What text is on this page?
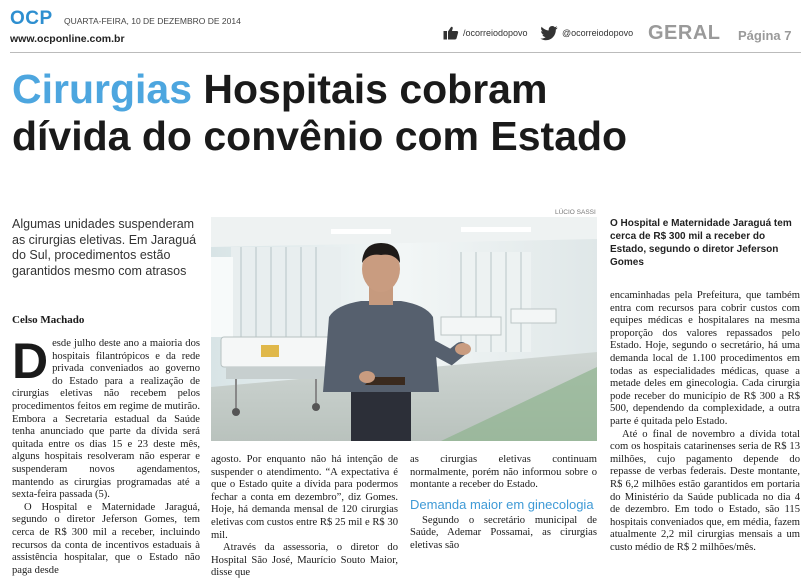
OCP QUARTA-FEIRA, 10 DE DEZEMBRO DE 2014
www.ocponline.com.br	/ocorreiodopovo	@ocorreiodopovo GERAL Página 7
Cirurgias Hospitais cobram
dívida do convênio com Estado
Algumas unidades suspenderam as cirurgias eletivas. Em Jaraguá do Sul, procedimentos estão garantidos mesmo com atrasos
Celso Machado
LÚCIO SASSI
O Hospital e Maternidade Jaraguá tem cerca de R$ 300 mil a receber do Estado, segundo o diretor Jeferson Gomes

D esde julho deste ano a maioria dos hospitais filantrópicos e da rede privada conveniados ao governo do Estado para a realização de cirurgias eletivas não recebem pelos procedimentos feitos em regime de mutirão. Embora a Secretaria estadual da Saúde tenha anunciado que parte da dívida será quitada entre os dias 15 e 23 deste mês, alguns hospitais resolveram não esperar e suspenderam novos agendamentos, mantendo as cirurgias programadas até a sexta-feira passada (5).

O Hospital e Maternidade Jaraguá, segundo o diretor Jeferson Gomes, tem cerca de R$ 300 mil a receber, incluindo recursos da conta de incentivos estaduais à assistência hospitalar, que o Estado não paga desde

agosto. Por enquanto não há intenção de suspender o atendimento. “A expectativa é que o Estado quite a dívida para podermos fechar a conta em dezembro”, diz Gomes. Hoje, há demanda mensal de 120 cirurgias eletivas com custos entre R$ 25 mil e R$ 30 mil.

Através da assessoria, o diretor do Hospital São José, Maurício Souto Maior, disse que

as cirurgias eletivas continuam normalmente, porém não informou sobre o montante a receber do Estado.

Demanda maior em ginecologia

Segundo o secretário municipal de Saúde, Ademar Possamai, as cirurgias eletivas são

encaminhadas pela Prefeitura, que também entra com recursos para cobrir custos com equipes médicas e hospitalares na mesma proporção dos valores repassados pelo Estado. Hoje, segundo o secretário, há uma demanda local de 1.100 procedimentos em todas as especialidades médicas, quase a metade deles em ginecologia. Cada cirurgia pode receber do município de R$ 300 a R$ 500, dependendo da complexidade, a outra parte é quitada pelo Estado.

Até o final de novembro a dívida total com os hospitais catarinenses seria de R$ 13 milhões, cujo pagamento depende do repasse de verbas federais. Deste montante, R$ 6,2 milhões estão garantidos em portaria do Ministério da Saúde publicada no dia 4 de dezembro. Em todo o Estado, são 115 hospitais conveniados que, em média, fazem atualmente 2,2 mil cirurgias mensais a um custo médio de R$ 2 milhões/mês.
